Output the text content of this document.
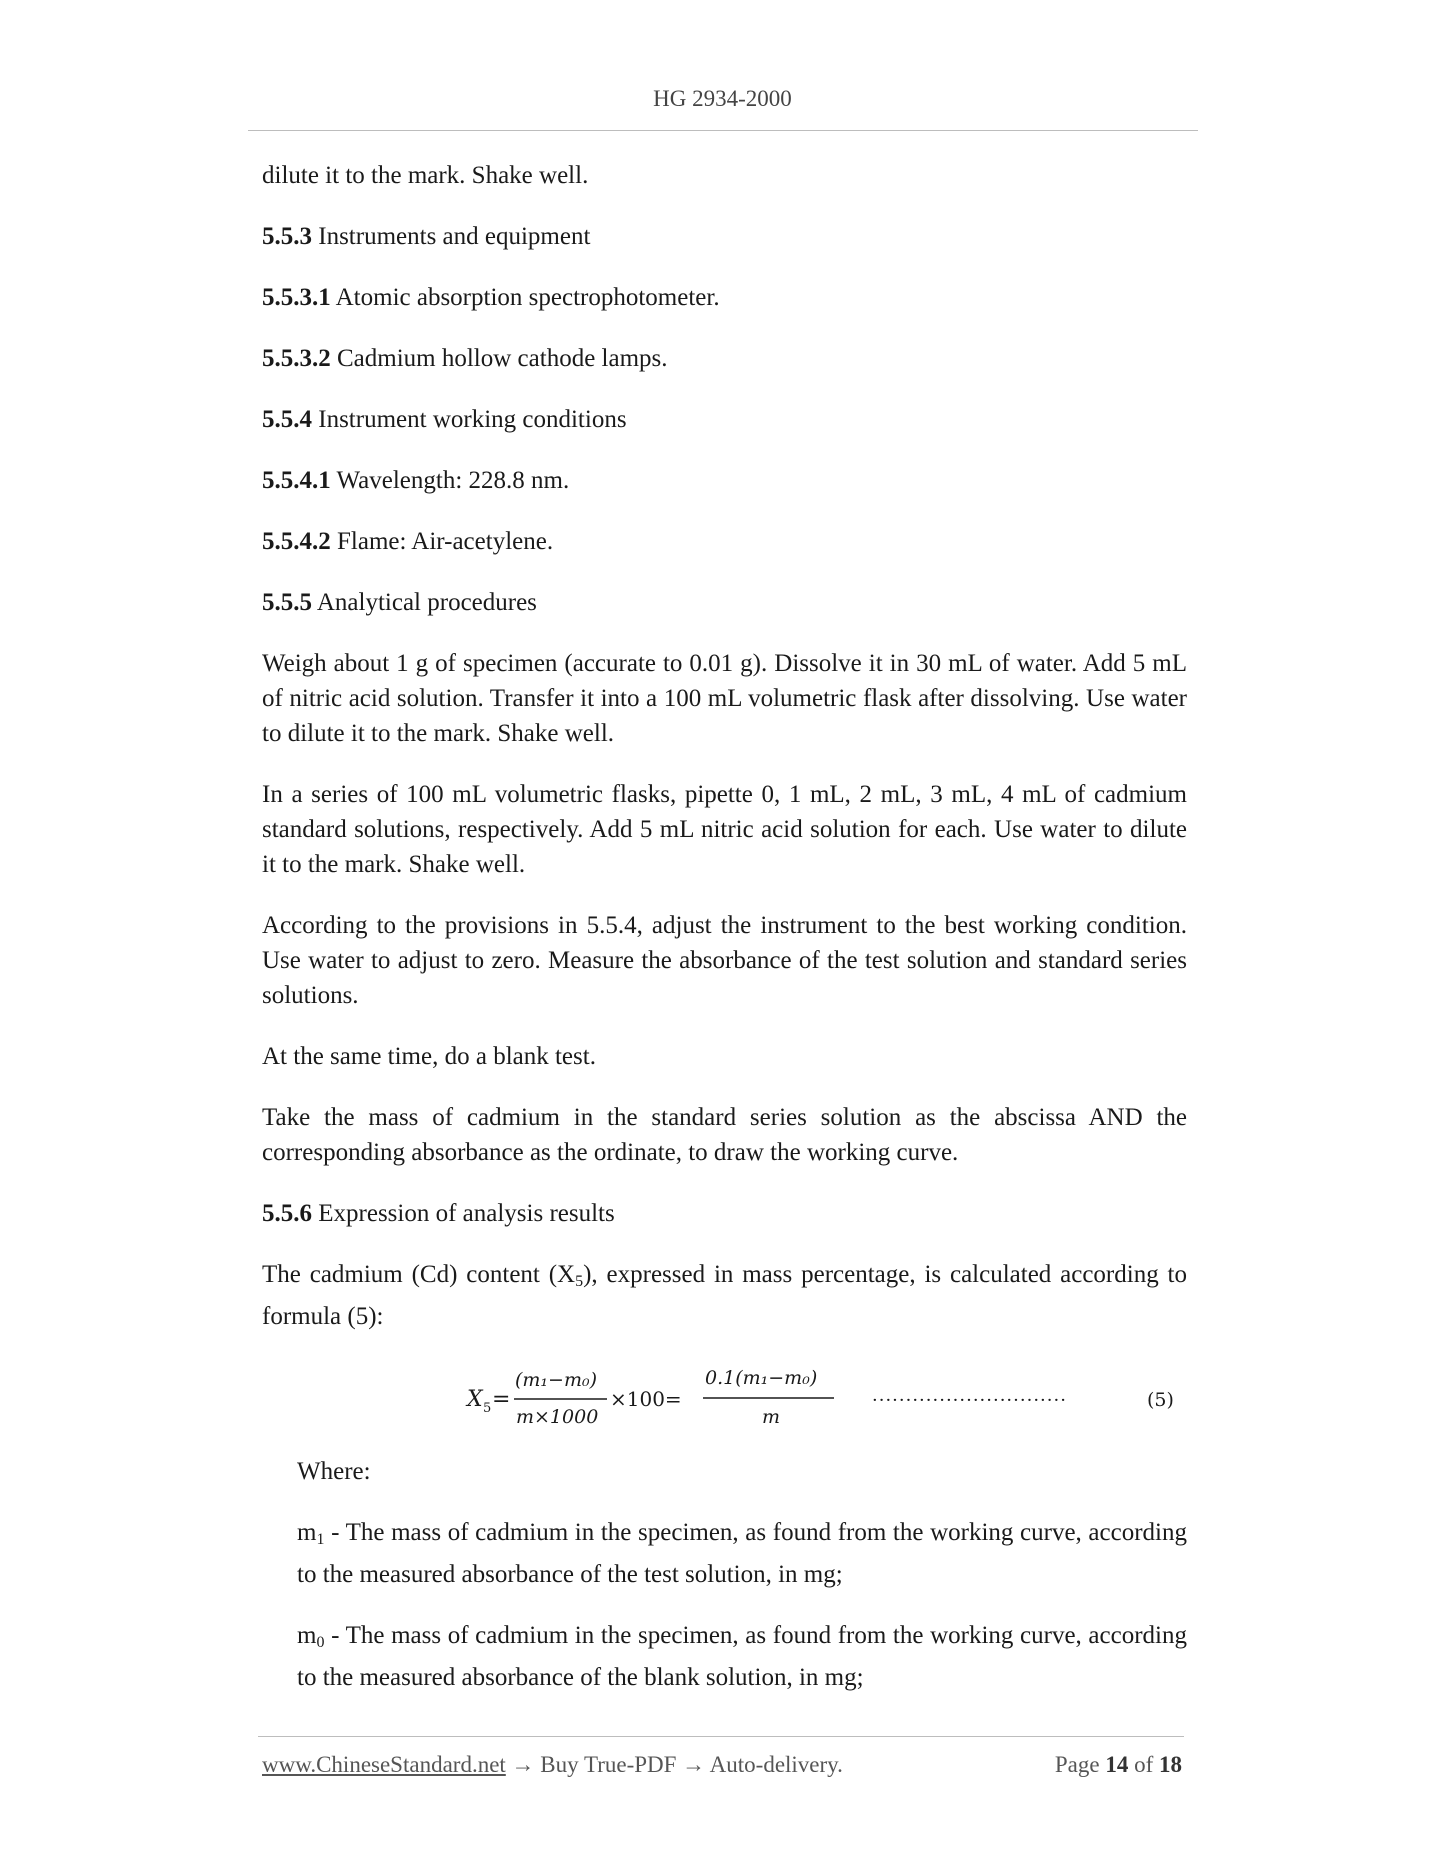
HG 2934-2000

dilute it to the mark. Shake well.

5.5.3 Instruments and equipment

5.5.3.1 Atomic absorption spectrophotometer.

5.5.3.2 Cadmium hollow cathode lamps.

5.5.4 Instrument working conditions

5.5.4.1 Wavelength: 228.8 nm.

5.5.4.2 Flame: Air-acetylene.

5.5.5 Analytical procedures

Weigh about 1 g of specimen (accurate to 0.01 g). Dissolve it in 30 mL of water. Add 5 mL of nitric acid solution. Transfer it into a 100 mL volumetric flask after dissolving. Use water to dilute it to the mark. Shake well.

In a series of 100 mL volumetric flasks, pipette 0, 1 mL, 2 mL, 3 mL, 4 mL of cadmium standard solutions, respectively. Add 5 mL nitric acid solution for each. Use water to dilute it to the mark. Shake well.

According to the provisions in 5.5.4, adjust the instrument to the best working condition. Use water to adjust to zero. Measure the absorbance of the test solution and standard series solutions.

At the same time, do a blank test.

Take the mass of cadmium in the standard series solution as the abscissa AND the corresponding absorbance as the ordinate, to draw the working curve.

5.5.6 Expression of analysis results

The cadmium (Cd) content $(X_5)$, expressed in mass percentage, is calculated according to formula (5):

X 5 =
(m₁−m₀)
m×1000
×100=
0.1(m₁−m₀)
m
·····························	(5)

Where:

$m_1$ - The mass of cadmium in the specimen, as found from the working curve, according to the measured absorbance of the test solution, in mg;

$m_0$ - The mass of cadmium in the specimen, as found from the working curve, according to the measured absorbance of the blank solution, in mg;

www.ChineseStandard.net → Buy True-PDF → Auto-delivery.	Page 14 of 18
